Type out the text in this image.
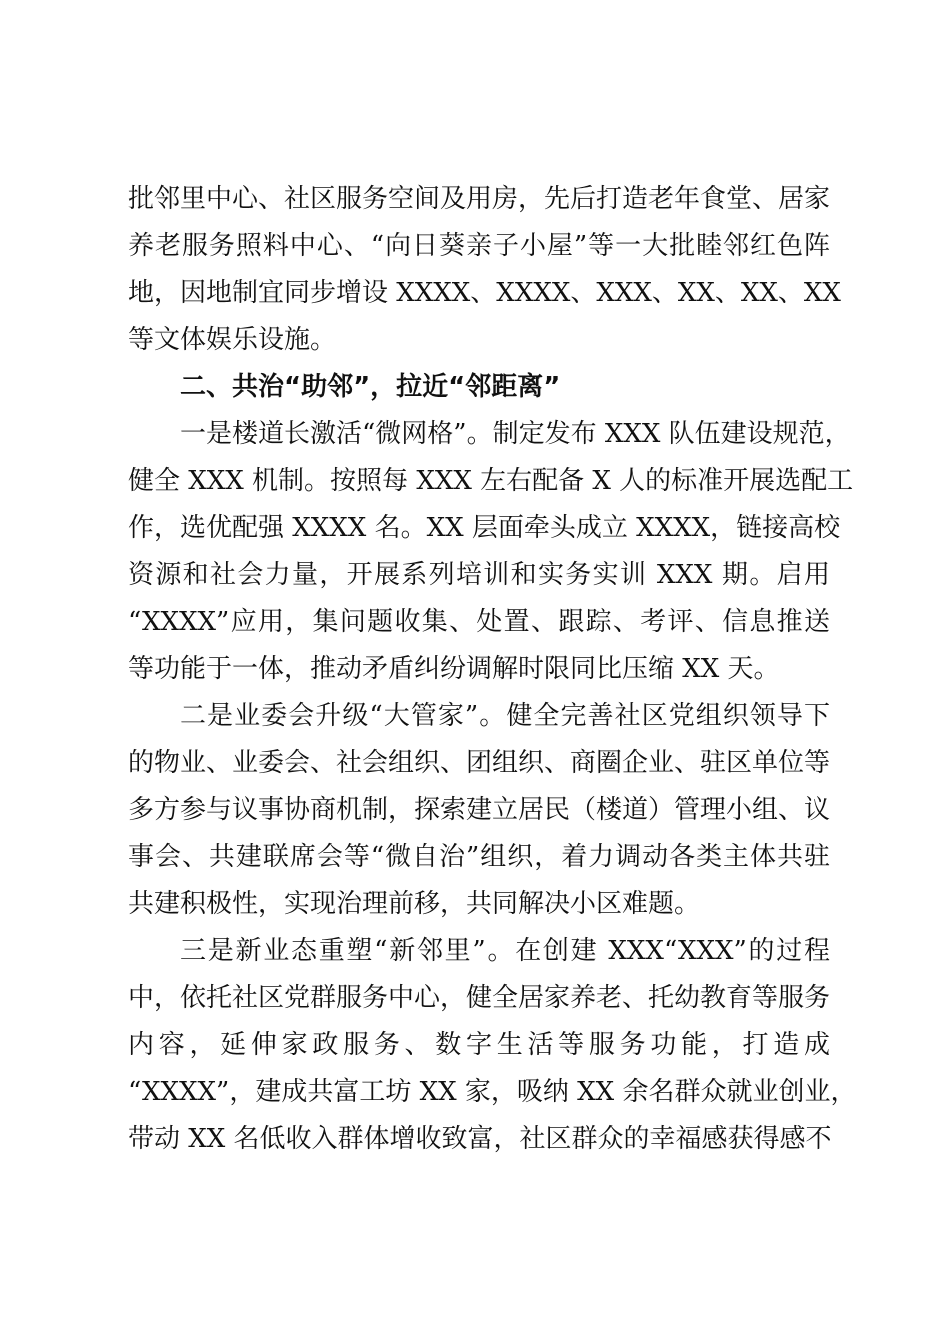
批邻里中心、社区服务空间及用房，先后打造老年食堂、居家
养老服务照料中心、“向日葵亲子小屋”等一大批睦邻红色阵
地，因地制宜同步增设 XXXX、XXXX、XXX、XX、XX、XX
等文体娱乐设施。
二、共治“助邻”，拉近“邻距离”
一是楼道长激活“微网格”。制定发布 XXX 队伍建设规范，
健全 XXX 机制。按照每 XXX 左右配备 X 人的标准开展选配工
作，选优配强 XXXX 名。XX 层面牵头成立 XXXX，链接高校
资源和社会力量，开展系列培训和实务实训 XXX 期。启用
“XXXX”应用，集问题收集、处置、跟踪、考评、信息推送
等功能于一体，推动矛盾纠纷调解时限同比压缩 XX 天。
二是业委会升级“大管家”。健全完善社区党组织领导下
的物业、业委会、社会组织、团组织、商圈企业、驻区单位等
多方参与议事协商机制，探索建立居民（楼道）管理小组、议
事会、共建联席会等“微自治”组织，着力调动各类主体共驻
共建积极性，实现治理前移，共同解决小区难题。
三是新业态重塑“新邻里”。在创建 XXX“XXX”的过程
中，依托社区党群服务中心，健全居家养老、托幼教育等服务
内容，延伸家政服务、数字生活等服务功能，打造成
“XXXX”，建成共富工坊 XX 家，吸纳 XX 余名群众就业创业，
带动 XX 名低收入群体增收致富，社区群众的幸福感获得感不
